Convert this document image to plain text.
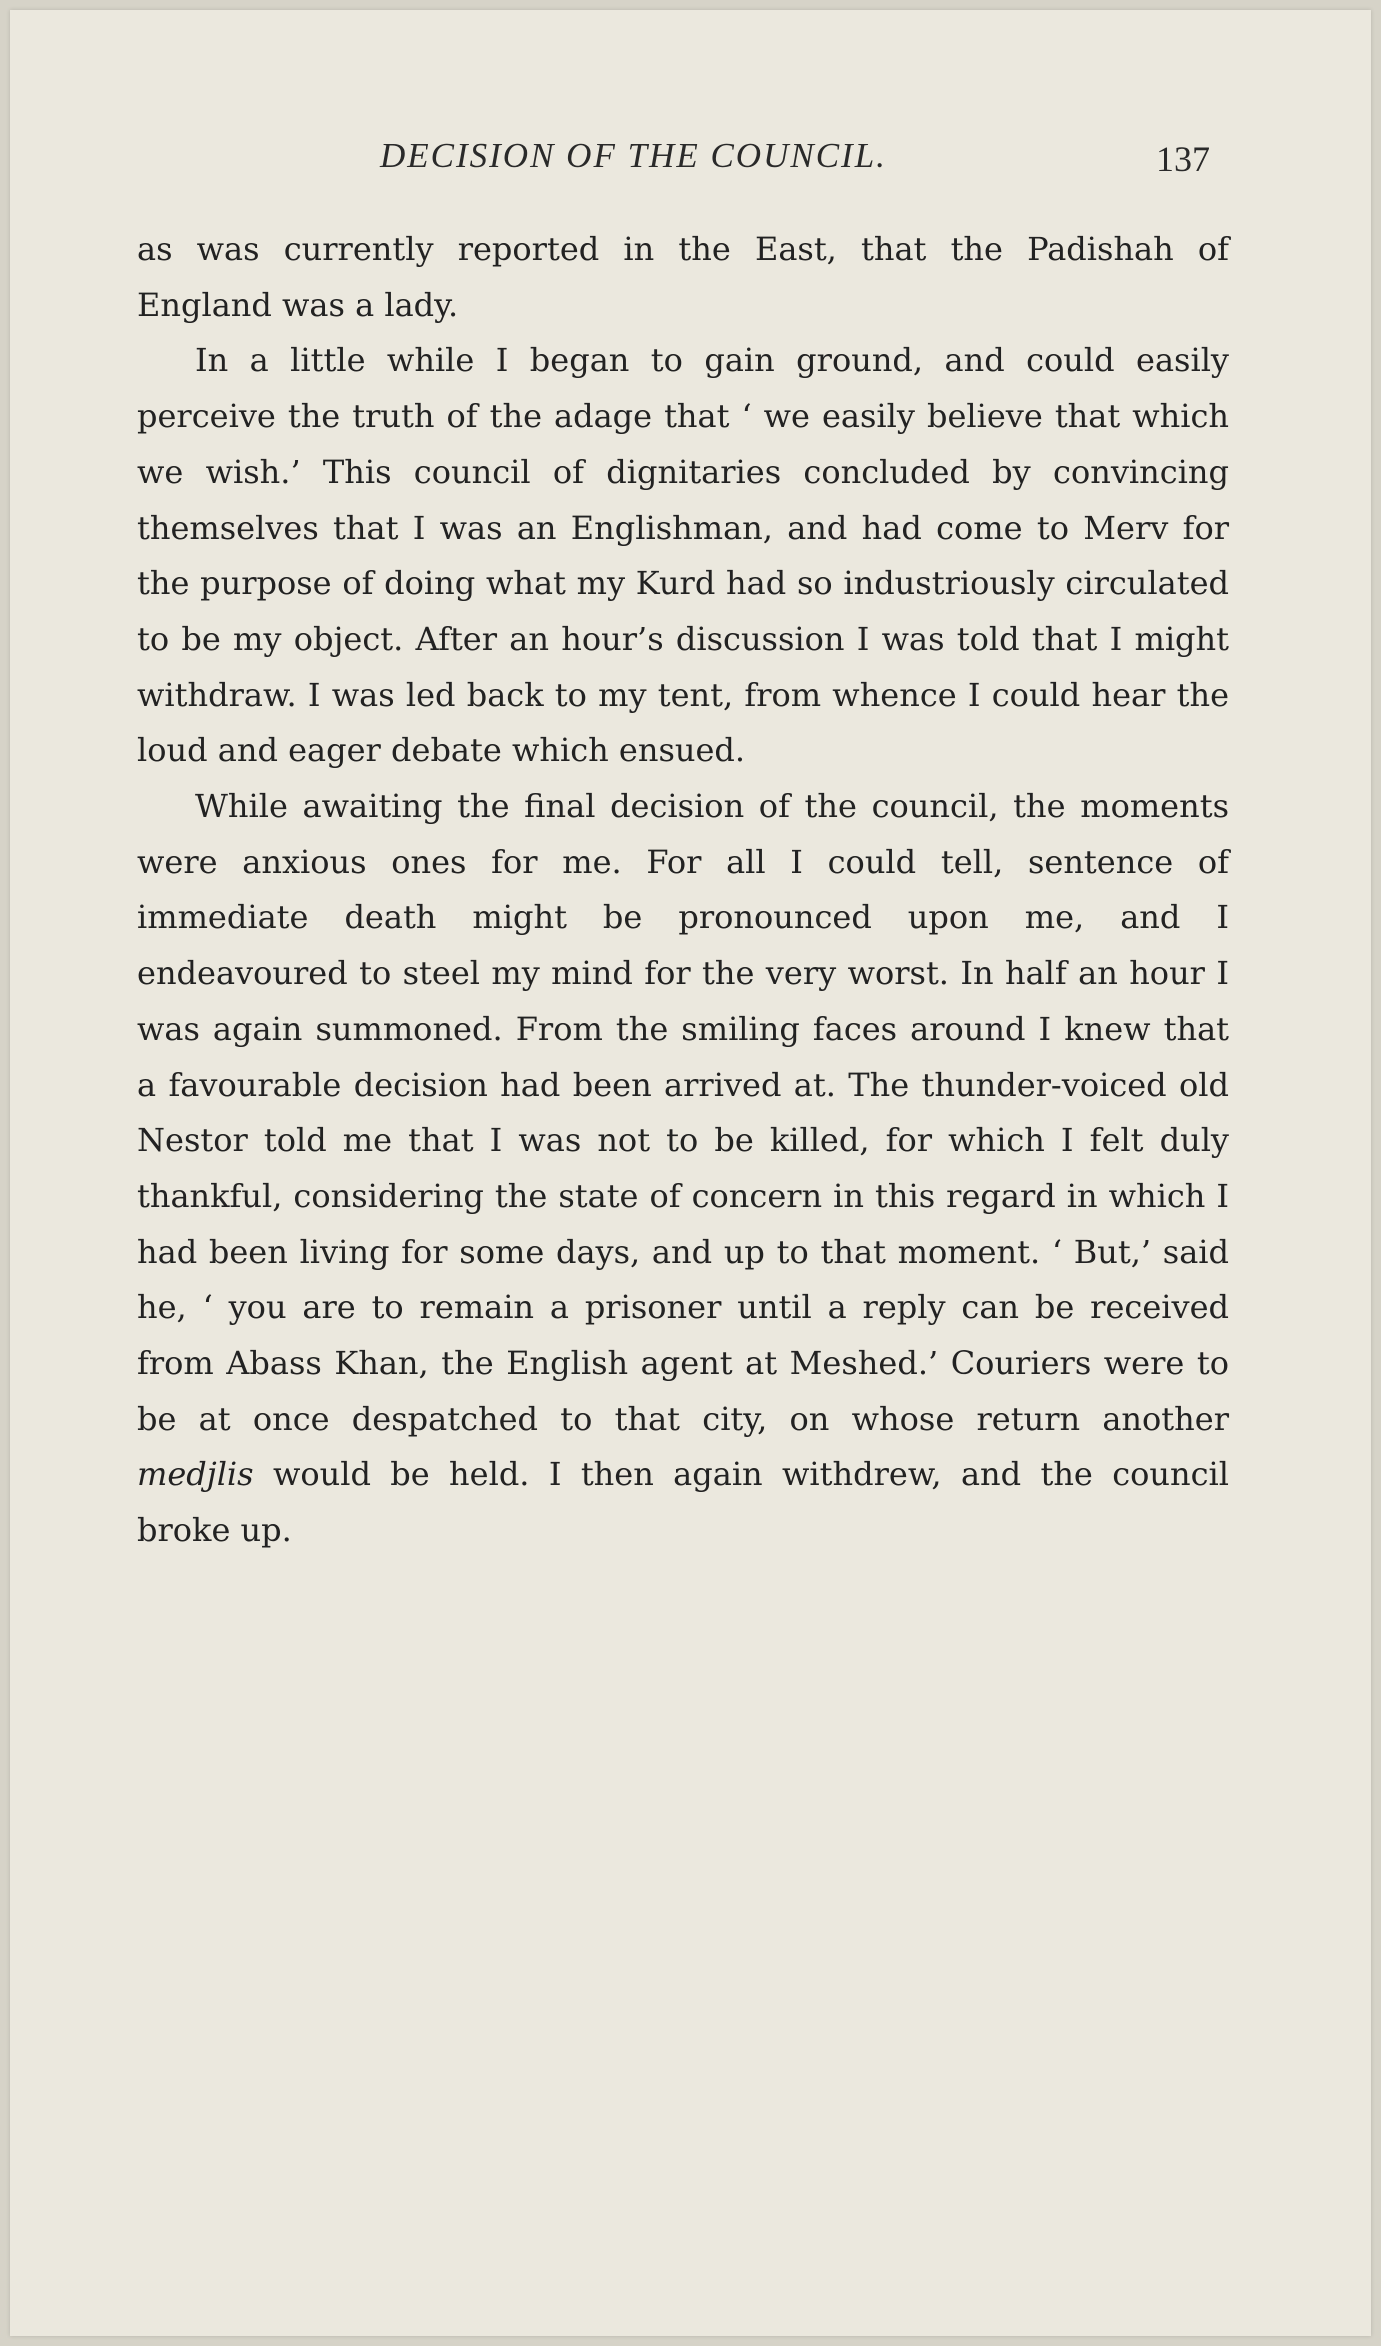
DECISION OF THE COUNCIL.	137

as was currently reported in the East, that the Padishah of England was a lady.

In a little while I began to gain ground, and could easily perceive the truth of the adage that ‘ we easily believe that which we wish.’ This council of dignitaries concluded by convincing themselves that I was an Englishman, and had come to Merv for the purpose of doing what my Kurd had so industriously circulated to be my object. After an hour’s discussion I was told that I might withdraw. I was led back to my tent, from whence I could hear the loud and eager debate which ensued.

While awaiting the final decision of the council, the moments were anxious ones for me. For all I could tell, sentence of immediate death might be pronounced upon me, and I endeavoured to steel my mind for the very worst. In half an hour I was again summoned. From the smiling faces around I knew that a favourable decision had been arrived at. The thunder-voiced old Nestor told me that I was not to be killed, for which I felt duly thankful, considering the state of concern in this regard in which I had been living for some days, and up to that moment. ‘ But,’ said he, ‘ you are to remain a prisoner until a reply can be received from Abass Khan, the English agent at Meshed.’ Couriers were to be at once despatched to that city, on whose return another medjlis would be held. I then again withdrew, and the council broke up.
